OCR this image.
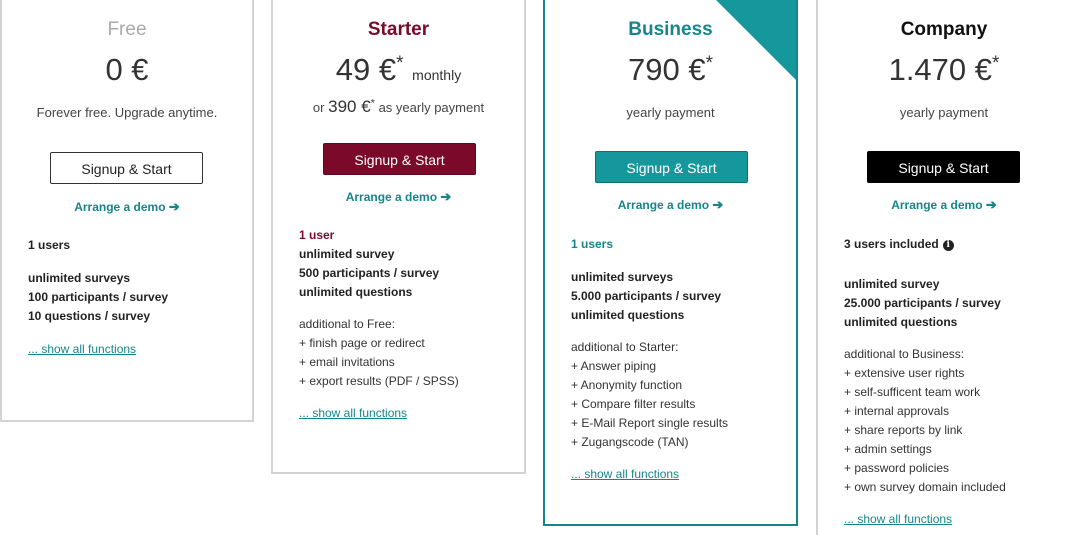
Free
0 €
Forever free. Upgrade anytime.
Signup & Start
Arrange a demo ➔
1 users
unlimited surveys
100 participants / survey
10 questions / survey
... show all functions
Starter
49 €* monthly
or 390 €* as yearly payment
Signup & Start
Arrange a demo ➔
1 user
unlimited survey
500 participants / survey
unlimited questions
additional to Free:
+ finish page or redirect
+ email invitations
+ export results (PDF / SPSS)
... show all functions
Business
790 €*
yearly payment
Signup & Start
Arrange a demo ➔
1 users
unlimited surveys
5.000 participants / survey
unlimited questions
additional to Starter:
+ Answer piping
+ Anonymity function
+ Compare filter results
+ E-Mail Report single results
+ Zugangscode (TAN)
... show all functions
Company
1.470 €*
yearly payment
Signup & Start
Arrange a demo ➔
3 users included i
unlimited survey
25.000 participants / survey
unlimited questions
additional to Business:
+ extensive user rights
+ self-sufficent team work
+ internal approvals
+ share reports by link
+ admin settings
+ password policies
+ own survey domain included
... show all functions
